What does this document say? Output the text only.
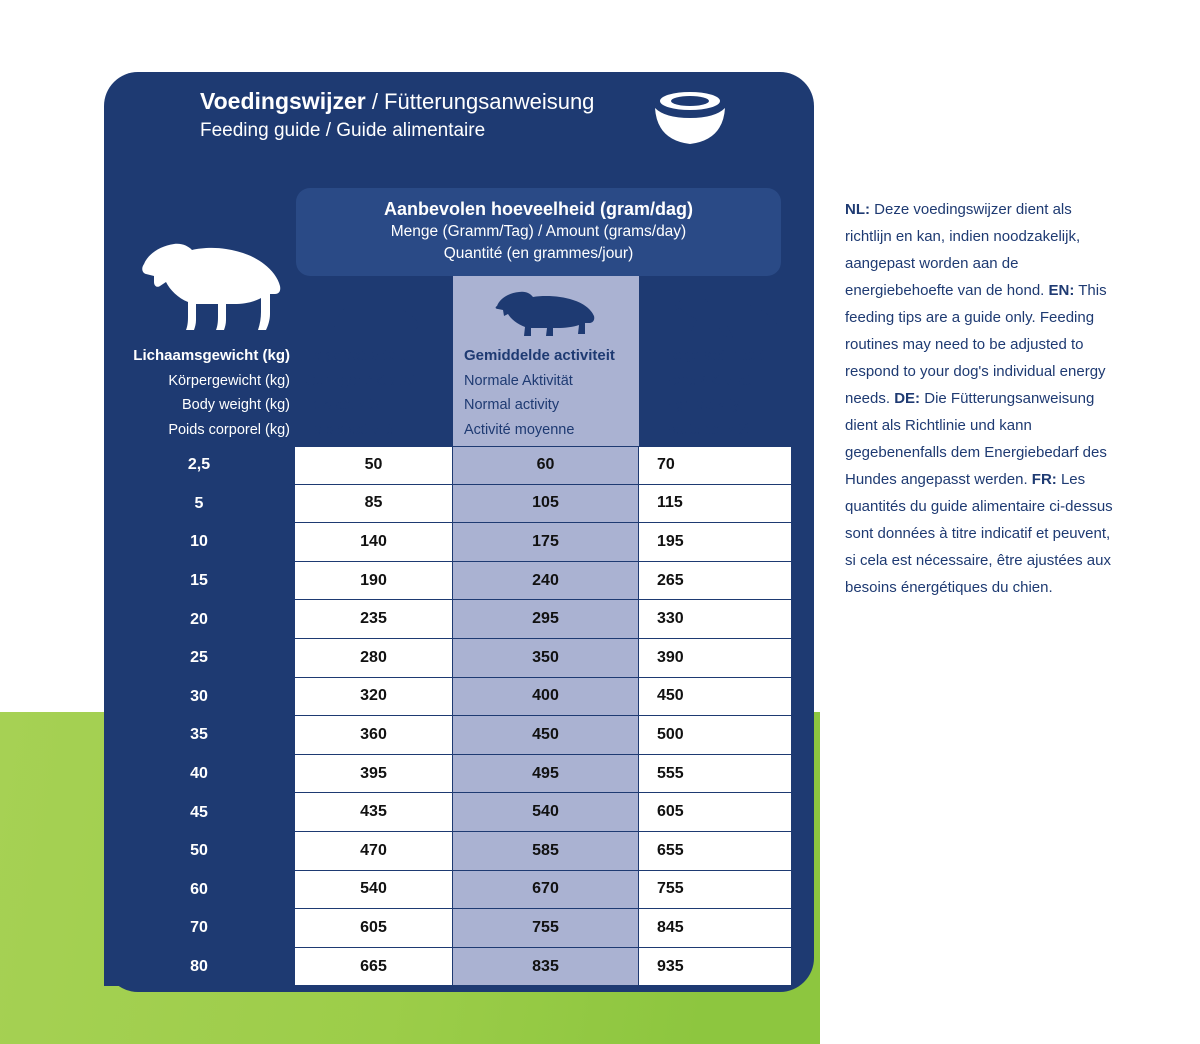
Voedingswijzer / Fütterungsanweisung
Feeding guide / Guide alimentaire
Aanbevolen hoeveelheid (gram/dag)
Menge (Gramm/Tag) / Amount (grams/day)
Quantité (en grammes/jour)
Lage activiteit
Geringer Aktivität
Low activity
Faible activité
Gemiddelde activiteit
Normale Aktivität
Normal activity
Activité moyenne
Hoge activiteit
Hohe Aktivität
High activity
Haute activité
Lichaamsgewicht (kg)
Körpergewicht (kg)
Body weight (kg)
Poids corporel (kg)
2,5	50	60	70
5	85	105	115
10	140	175	195
15	190	240	265
20	235	295	330
25	280	350	390
30	320	400	450
35	360	450	500
40	395	495	555
45	435	540	605
50	470	585	655
60	540	670	755
70	605	755	845
80	665	835	935
NL: Deze voedingswijzer dient als richtlijn en kan, indien noodzakelijk, aangepast worden aan de energiebehoefte van de hond. EN: This feeding tips are a guide only. Feeding routines may need to be adjusted to respond to your dog's individual energy needs. DE: Die Fütterungsanweisung dient als Richtlinie und kann gegebenenfalls dem Energiebedarf des Hundes angepasst werden. FR: Les quantités du guide alimentaire ci-dessus sont données à titre indicatif et peuvent, si cela est nécessaire, être ajustées aux besoins énergétiques du chien.
